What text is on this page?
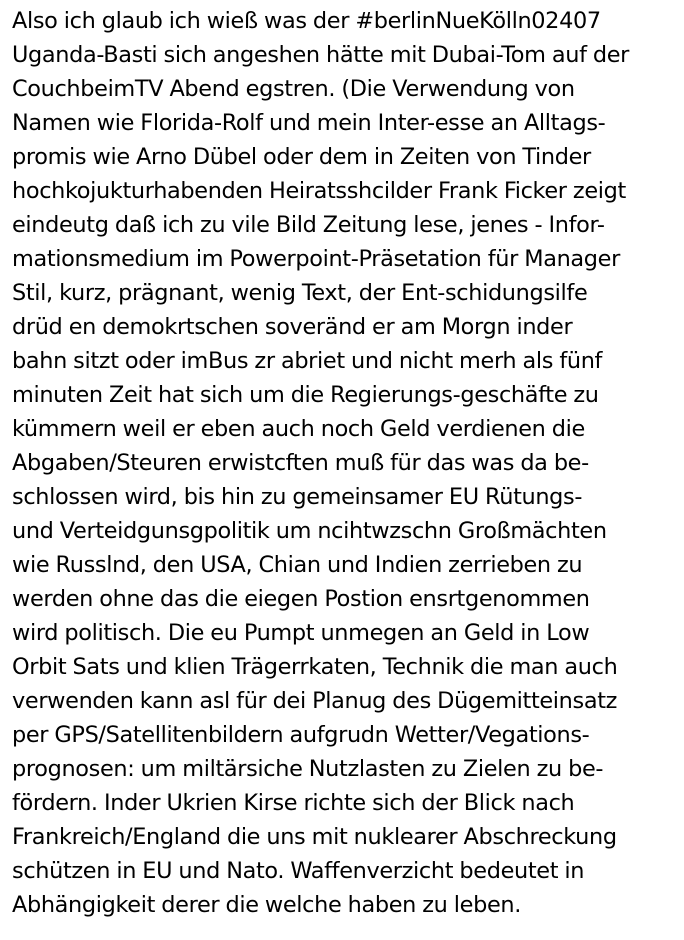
Also ich glaub ich wieß was der #berlinNueKölln02407
Uganda-Basti sich angeshen hätte mit Dubai-Tom auf der
CouchbeimTV Abend egstren. (Die Verwendung von
Namen wie Florida-Rolf und mein Inter-esse an Alltags-
promis wie Arno Dübel oder dem in Zeiten von Tinder
hochkojukturhabenden Heiratsshcilder Frank Ficker zeigt
eindeutg daß ich zu vile Bild Zeitung lese, jenes - Infor-
mationsmedium im Powerpoint-Präsetation für Manager
Stil, kurz, prägnant, wenig Text, der Ent-schidungsilfe
drüd en demokrtschen soveränd er am Morgn inder
bahn sitzt oder imBus zr abriet und nicht merh als fünf
minuten Zeit hat sich um die Regierungs-geschäfte zu
kümmern weil er eben auch noch Geld verdienen die
Abgaben/Steuren erwistcften muß für das was da be-
schlossen wird, bis hin zu gemeinsamer EU Rütungs-
und Verteidgunsgpolitik um ncihtwzschn Großmächten
wie Russlnd, den USA, Chian und Indien zerrieben zu
werden ohne das die eiegen Postion ensrtgenommen
wird politisch. Die eu Pumpt unmegen an Geld in Low
Orbit Sats und klien Trägerrkaten, Technik die man auch
verwenden kann asl für dei Planug des Dügemitteinsatz
per GPS/Satellitenbildern aufgrudn Wetter/Vegations-
prognosen: um miltärsiche Nutzlasten zu Zielen zu be-
fördern. Inder Ukrien Kirse richte sich der Blick nach
Frankreich/England die uns mit nuklearer Abschreckung
schützen in EU und Nato. Waffenverzicht bedeutet in
Abhängigkeit derer die welche haben zu leben.
